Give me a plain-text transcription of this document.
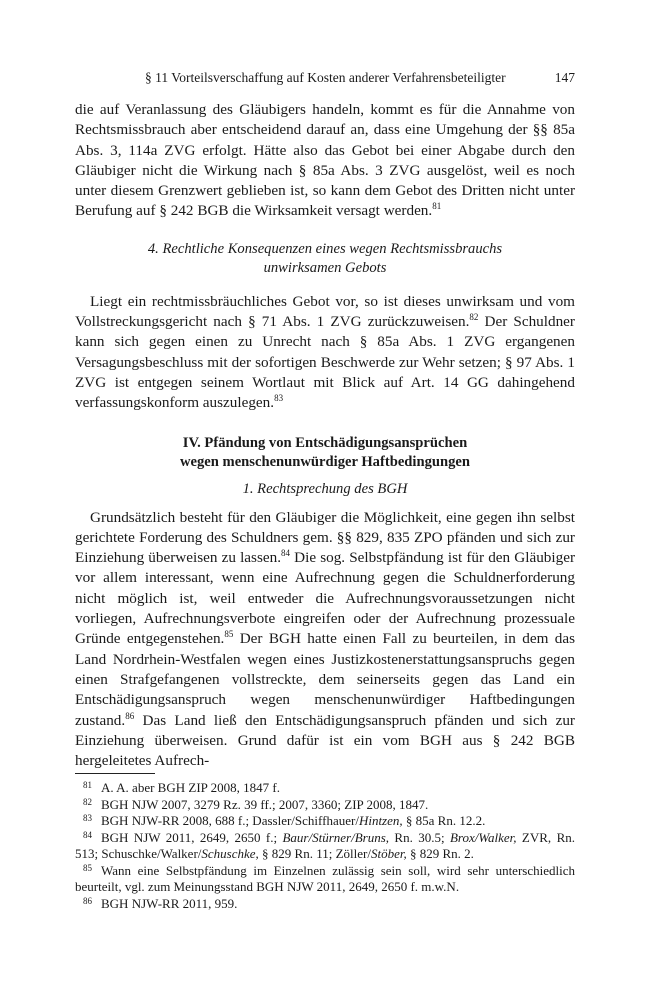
§ 11 Vorteilsverschaffung auf Kosten anderer Verfahrensbeteiligter	147

die auf Veranlassung des Gläubigers handeln, kommt es für die Annahme von Rechtsmissbrauch aber entscheidend darauf an, dass eine Umgehung der §§ 85a Abs. 3, 114a ZVG erfolgt. Hätte also das Gebot bei einer Abgabe durch den Gläubiger nicht die Wirkung nach § 85a Abs. 3 ZVG ausgelöst, weil es noch unter diesem Grenzwert geblieben ist, so kann dem Gebot des Dritten nicht unter Berufung auf § 242 BGB die Wirksamkeit versagt werden.$^{81}$

4. Rechtliche Konsequenzen eines wegen Rechtsmissbrauchs
unwirksamen Gebots

Liegt ein rechtmissbräuchliches Gebot vor, so ist dieses unwirksam und vom Vollstreckungsgericht nach § 71 Abs. 1 ZVG zurückzuweisen.$^{82}$ Der Schuldner kann sich gegen einen zu Unrecht nach § 85a Abs. 1 ZVG ergangenen Versagungsbeschluss mit der sofortigen Beschwerde zur Wehr setzen; § 97 Abs. 1 ZVG ist entgegen seinem Wortlaut mit Blick auf Art. 14 GG dahingehend verfassungskonform auszulegen.$^{83}$

IV. Pfändung von Entschädigungsansprüchen
wegen menschenunwürdiger Haftbedingungen
1. Rechtsprechung des BGH

Grundsätzlich besteht für den Gläubiger die Möglichkeit, eine gegen ihn selbst gerichtete Forderung des Schuldners gem. §§ 829, 835 ZPO pfänden und sich zur Einziehung überweisen zu lassen.$^{84}$ Die sog. Selbstpfändung ist für den Gläubiger vor allem interessant, wenn eine Aufrechnung gegen die Schuldnerforderung nicht möglich ist, weil entweder die Aufrechnungsvoraussetzungen nicht vorliegen, Aufrechnungsverbote eingreifen oder der Aufrechnung prozessuale Gründe entgegenstehen.$^{85}$ Der BGH hatte einen Fall zu beurteilen, in dem das Land Nordrhein-Westfalen wegen eines Justizkostenerstattungsanspruchs gegen einen Strafgefangenen vollstreckte, dem seinerseits gegen das Land ein Entschädigungsanspruch wegen menschenunwürdiger Haftbedingungen zustand.$^{86}$ Das Land ließ den Entschädigungsanspruch pfänden und sich zur Einziehung überweisen. Grund dafür ist ein vom BGH aus § 242 BGB hergeleitetes Aufrech-

81 A. A. aber BGH ZIP 2008, 1847 f.
82 BGH NJW 2007, 3279 Rz. 39 ff.; 2007, 3360; ZIP 2008, 1847.
83 BGH NJW-RR 2008, 688 f.; Dassler/Schiffhauer/Hintzen, § 85a Rn. 12.2.
84 BGH NJW 2011, 2649, 2650 f.; Baur/Stürner/Bruns, Rn. 30.5; Brox/Walker, ZVR, Rn. 513; Schuschke/Walker/Schuschke, § 829 Rn. 11; Zöller/Stöber, § 829 Rn. 2.
85 Wann eine Selbstpfändung im Einzelnen zulässig sein soll, wird sehr unterschiedlich beurteilt, vgl. zum Meinungsstand BGH NJW 2011, 2649, 2650 f. m.w.N.
86 BGH NJW-RR 2011, 959.
